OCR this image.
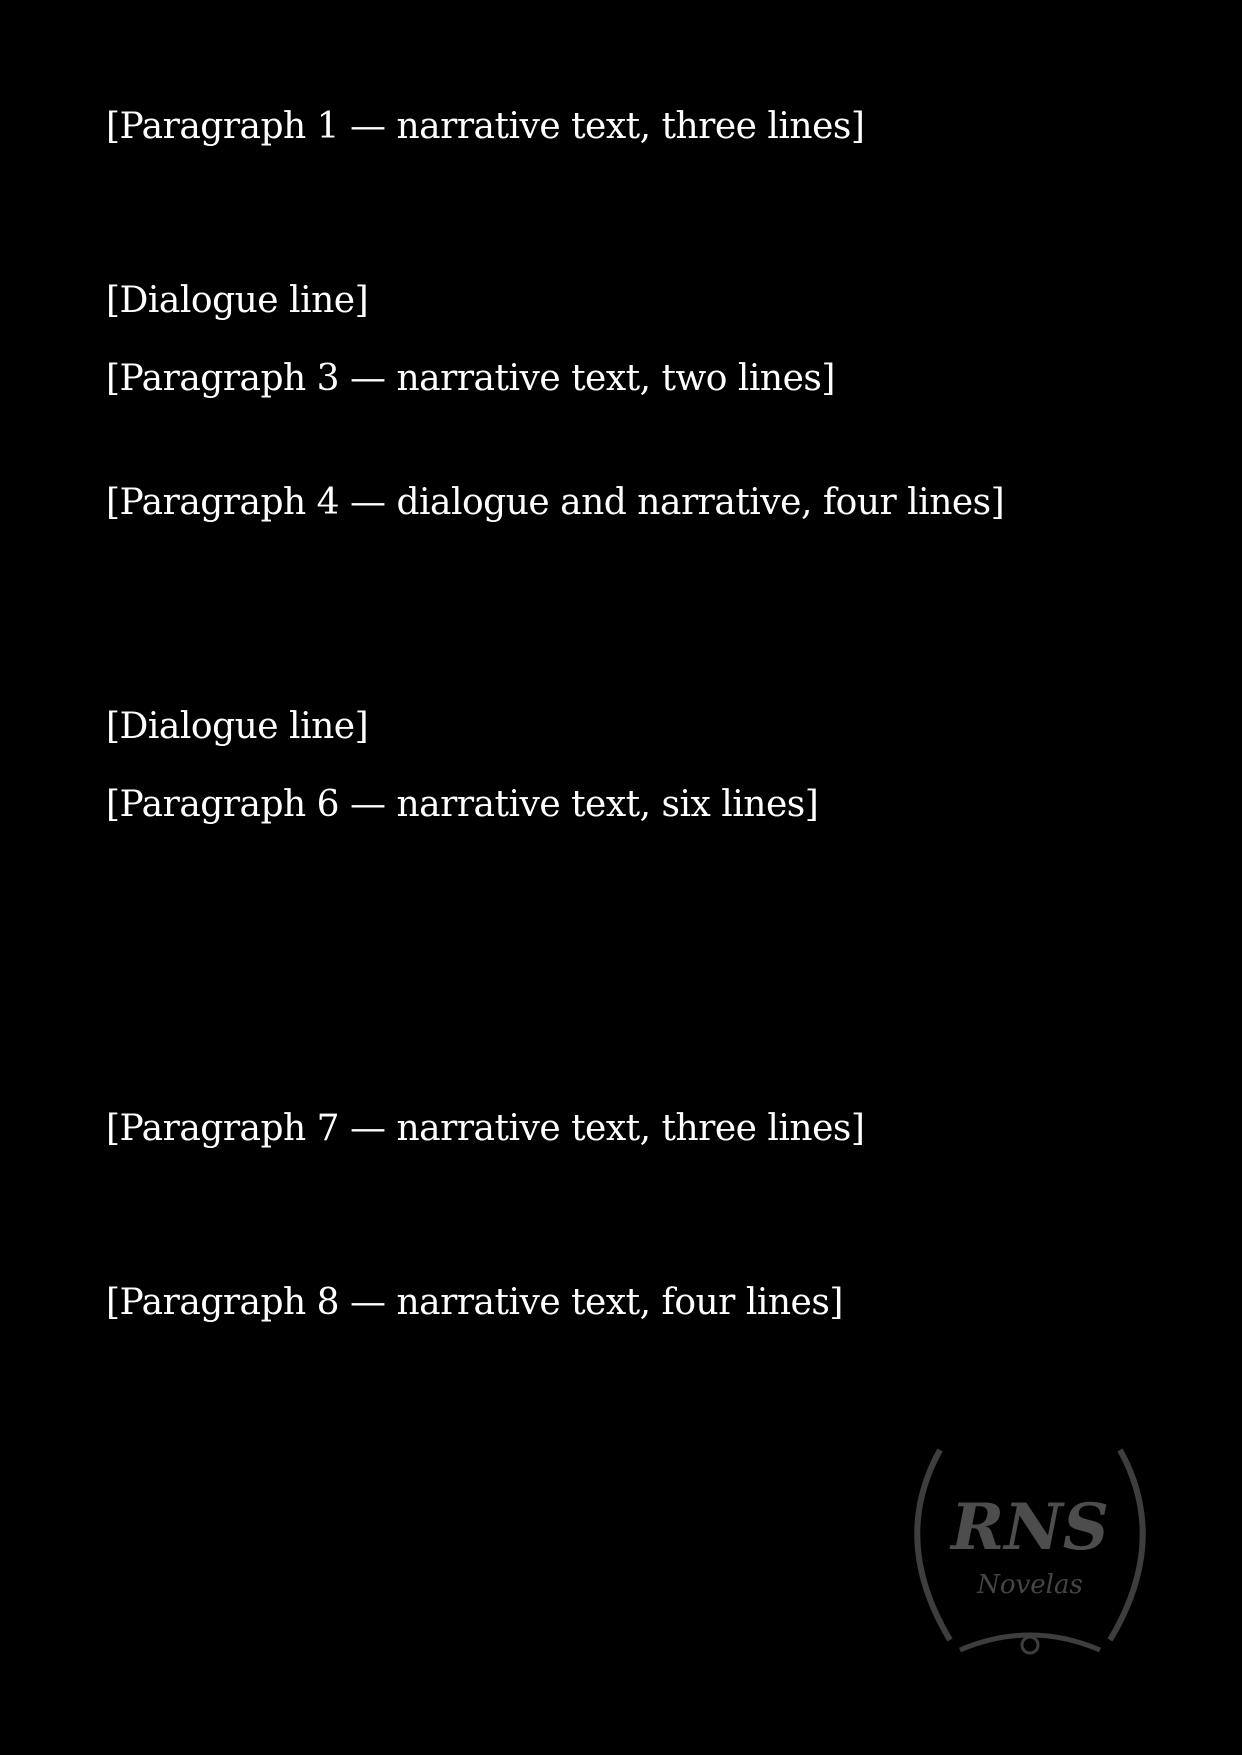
[Paragraph 1 — narrative text, three lines]

[Dialogue line]

[Paragraph 3 — narrative text, two lines]

[Paragraph 4 — dialogue and narrative, four lines]

[Dialogue line]

[Paragraph 6 — narrative text, six lines]

[Paragraph 7 — narrative text, three lines]

[Paragraph 8 — narrative text, four lines]

RNS
Novelas
